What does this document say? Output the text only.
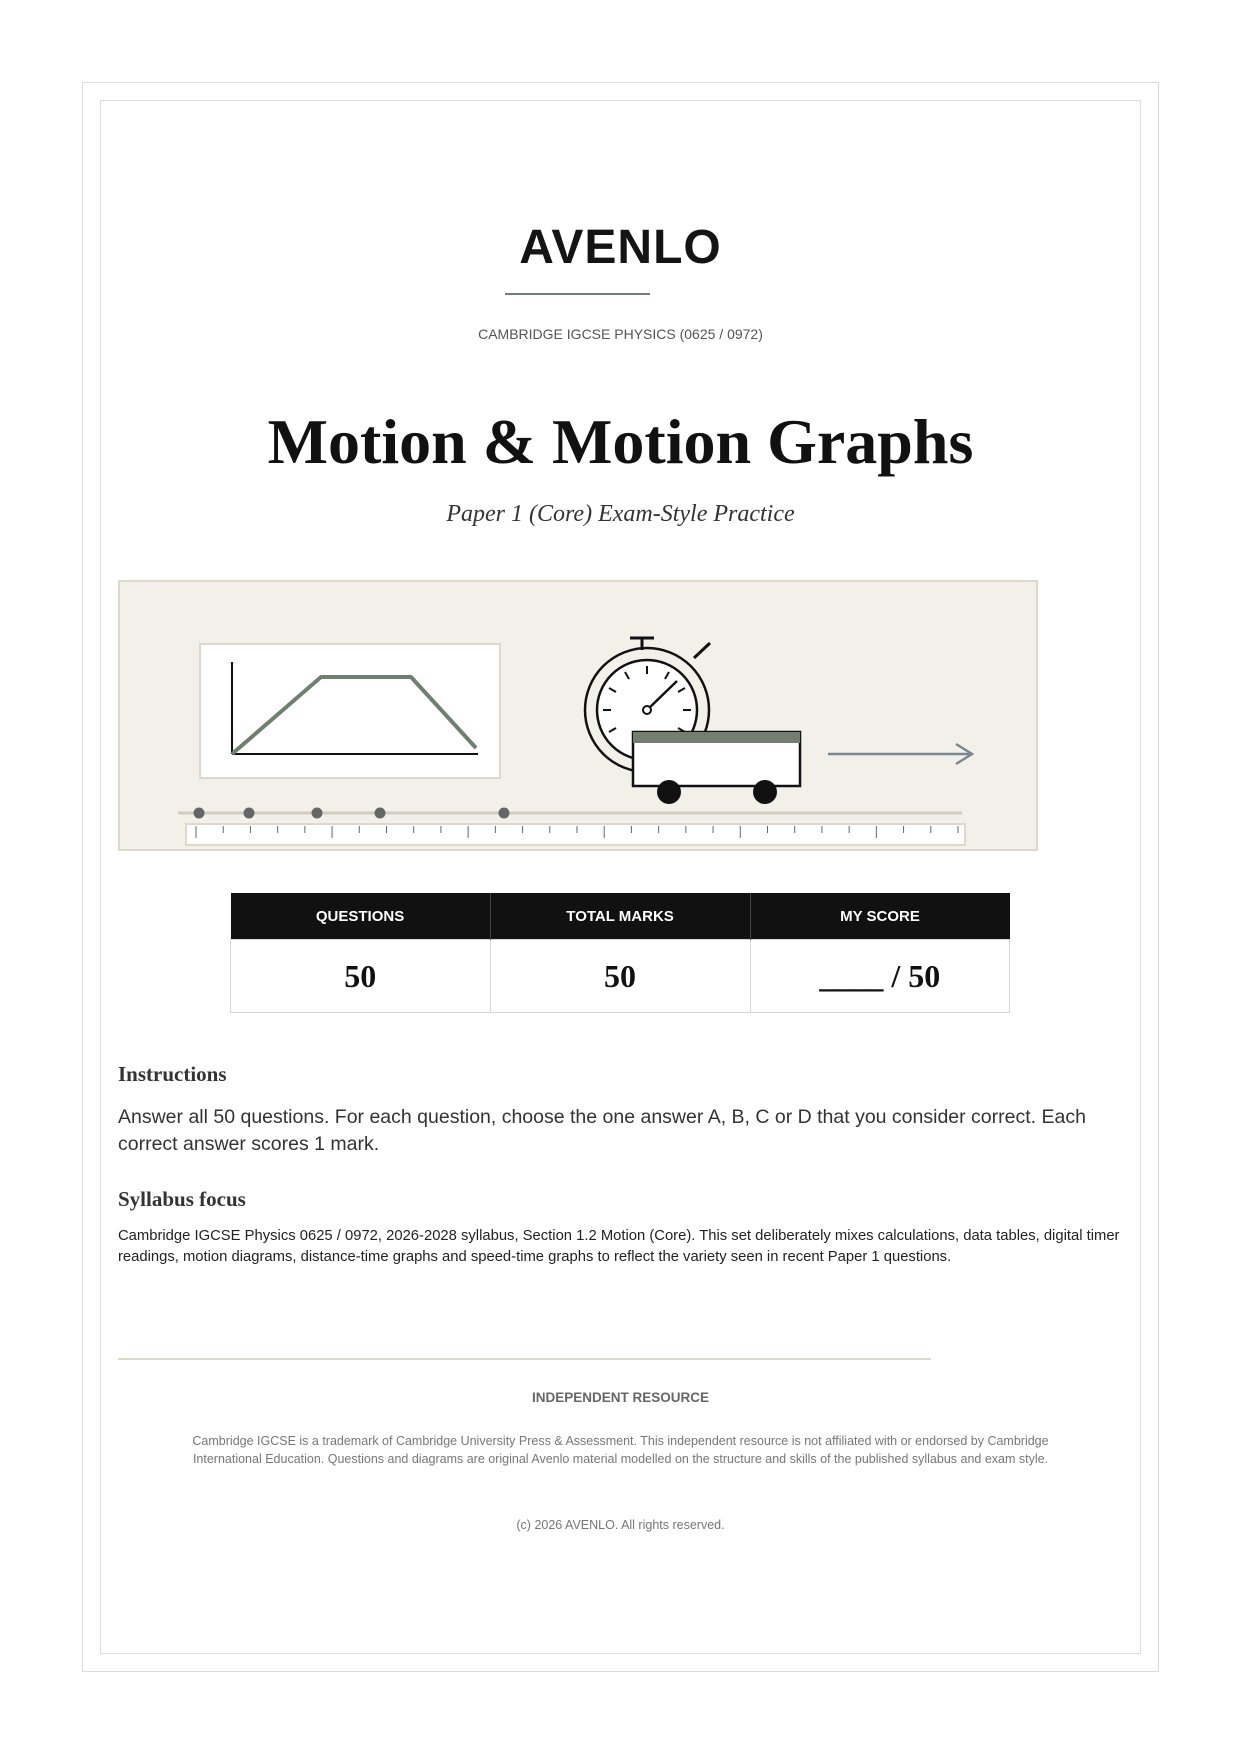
AVENLO
CAMBRIDGE IGCSE PHYSICS (0625 / 0972)
Motion & Motion Graphs
Paper 1 (Core) Exam-Style Practice
QUESTIONS	TOTAL MARKS	MY SCORE
50	50	____ / 50
Instructions
Answer all 50 questions. For each question, choose the one answer A, B, C or D that you consider correct. Each correct answer scores 1 mark.
Syllabus focus
Cambridge IGCSE Physics 0625 / 0972, 2026-2028 syllabus, Section 1.2 Motion (Core). This set deliberately mixes calculations, data tables, digital timer readings, motion diagrams, distance-time graphs and speed-time graphs to reflect the variety seen in recent Paper 1 questions.
INDEPENDENT RESOURCE
Cambridge IGCSE is a trademark of Cambridge University Press & Assessment. This independent resource is not affiliated with or endorsed by Cambridge International Education. Questions and diagrams are original Avenlo material modelled on the structure and skills of the published syllabus and exam style.
(c) 2026 AVENLO. All rights reserved.
